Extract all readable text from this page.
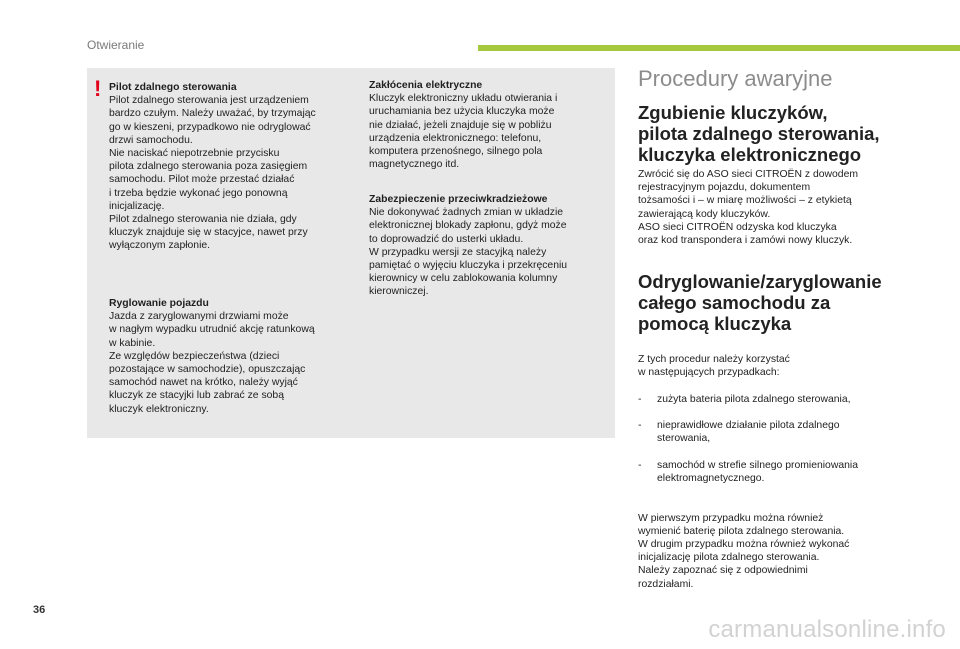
Otwieranie
! Pilot zdalnego sterowania
Pilot zdalnego sterowania jest urządzeniem
bardzo czułym. Należy uważać, by trzymając
go w kieszeni, przypadkowo nie odryglować
drzwi samochodu.
Nie naciskać niepotrzebnie przycisku
pilota zdalnego sterowania poza zasięgiem
samochodu. Pilot może przestać działać
i trzeba będzie wykonać jego ponowną
inicjalizację.
Pilot zdalnego sterowania nie działa, gdy
kluczyk znajduje się w stacyjce, nawet przy
wyłączonym zapłonie.
Ryglowanie pojazdu
Jazda z zaryglowanymi drzwiami może
w nagłym wypadku utrudnić akcję ratunkową
w kabinie.
Ze względów bezpieczeństwa (dzieci
pozostające w samochodzie), opuszczając
samochód nawet na krótko, należy wyjąć
kluczyk ze stacyjki lub zabrać ze sobą
kluczyk elektroniczny.
Zakłócenia elektryczne
Kluczyk elektroniczny układu otwierania i
uruchamiania bez użycia kluczyka może
nie działać, jeżeli znajduje się w pobliżu
urządzenia elektronicznego: telefonu,
komputera przenośnego, silnego pola
magnetycznego itd.
Zabezpieczenie przeciwkradzieżowe
Nie dokonywać żadnych zmian w układzie
elektronicznej blokady zapłonu, gdyż może
to doprowadzić do usterki układu.
W przypadku wersji ze stacyjką należy
pamiętać o wyjęciu kluczyka i przekręceniu
kierownicy w celu zablokowania kolumny
kierowniczej.
Procedury awaryjne
Zgubienie kluczyków,
pilota zdalnego sterowania,
kluczyka elektronicznego
Zwrócić się do ASO sieci CITROËN z dowodem
rejestracyjnym pojazdu, dokumentem
tożsamości i – w miarę możliwości – z etykietą
zawierającą kody kluczyków.
ASO sieci CITROËN odzyska kod kluczyka
oraz kod transpondera i zamówi nowy kluczyk.
Odryglowanie/zaryglowanie
całego samochodu za
pomocą kluczyka

Z tych procedur należy korzystać
w następujących przypadkach:

- zużyta bateria pilota zdalnego sterowania,

- nieprawidłowe działanie pilota zdalnego
sterowania,

- samochód w strefie silnego promieniowania
elektromagnetycznego.

W pierwszym przypadku można również
wymienić baterię pilota zdalnego sterowania.
W drugim przypadku można również wykonać
inicjalizację pilota zdalnego sterowania.
Należy zapoznać się z odpowiednimi
rozdziałami.

36
carmanualsonline.info
